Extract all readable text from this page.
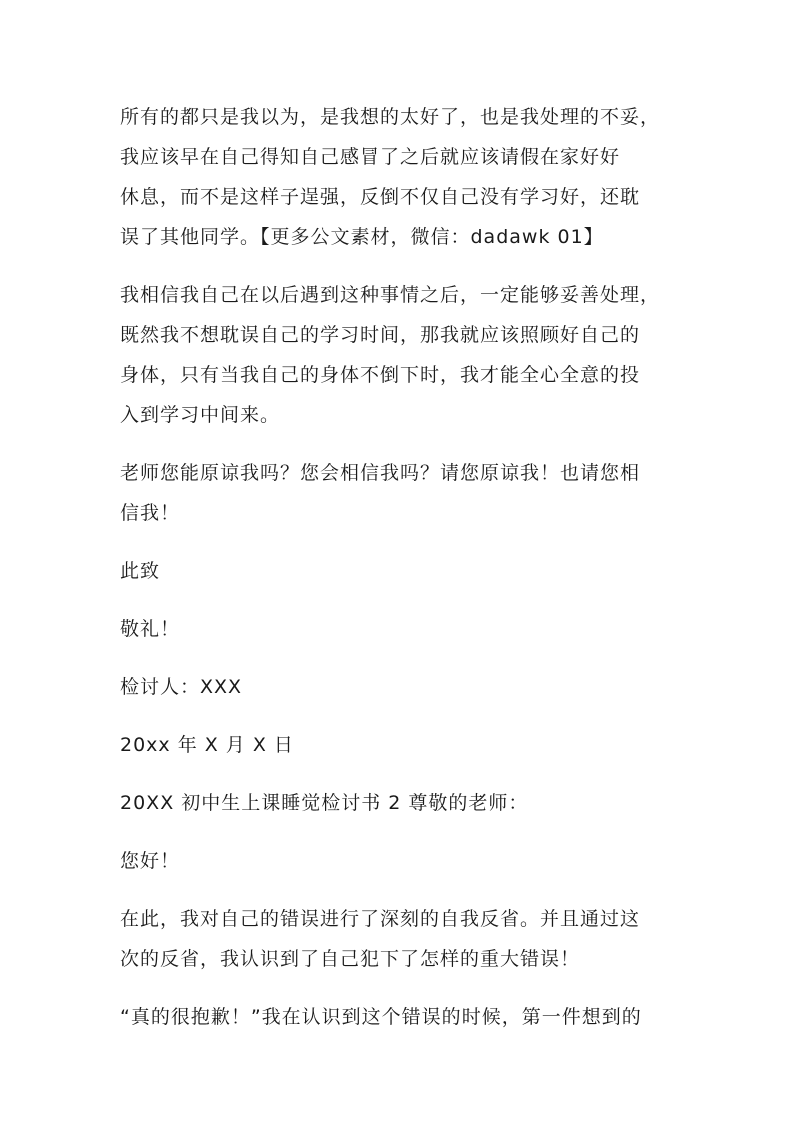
所有的都只是我以为，是我想的太好了，也是我处理的不妥，
我应该早在自己得知自己感冒了之后就应该请假在家好好
休息，而不是这样子逞强，反倒不仅自己没有学习好，还耽
误了其他同学。【更多公文素材，微信：dadawk 01】

我相信我自己在以后遇到这种事情之后，一定能够妥善处理，
既然我不想耽误自己的学习时间，那我就应该照顾好自己的
身体，只有当我自己的身体不倒下时，我才能全心全意的投
入到学习中间来。

老师您能原谅我吗？您会相信我吗？请您原谅我！也请您相
信我！

此致

敬礼！

检讨人：XXX

20xx 年 X 月 X 日

20XX 初中生上课睡觉检讨书 2 尊敬的老师：

您好！

在此，我对自己的错误进行了深刻的自我反省。并且通过这
次的反省，我认识到了自己犯下了怎样的重大错误！

“真的很抱歉！”我在认识到这个错误的时候，第一件想到的
